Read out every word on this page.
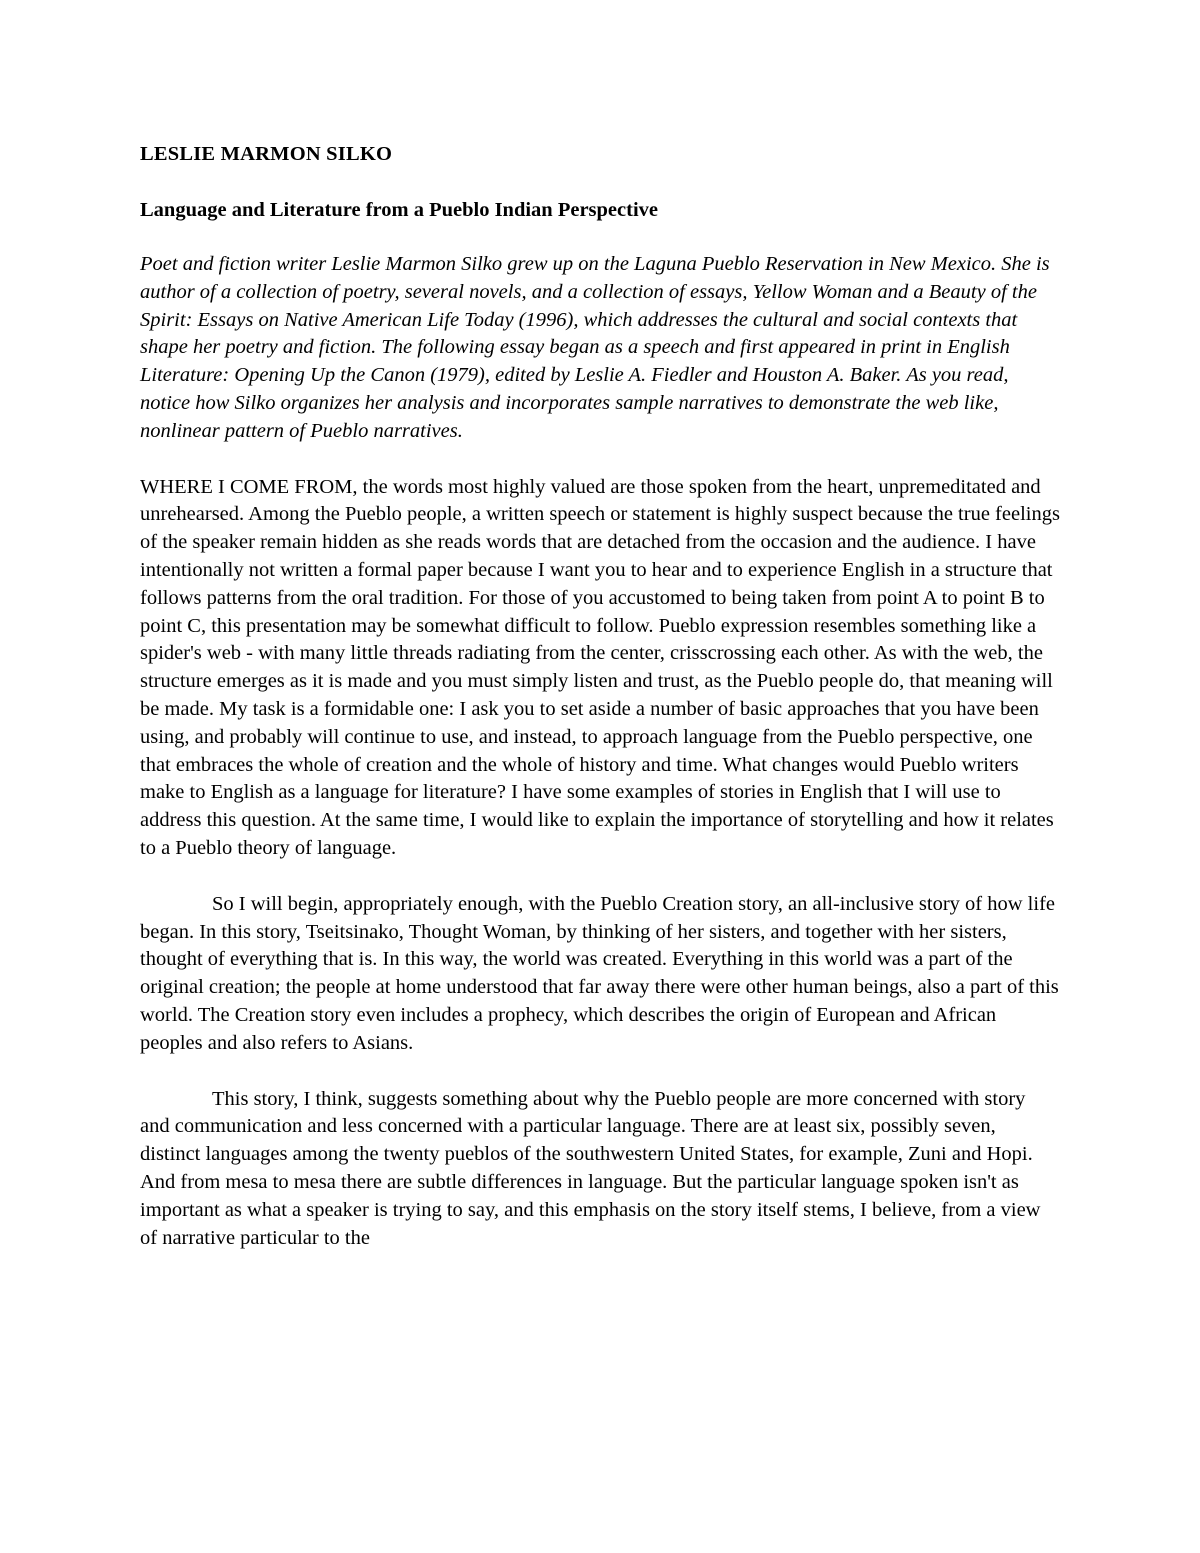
LESLIE MARMON SILKO
Language and Literature from a Pueblo Indian Perspective

Poet and fiction writer Leslie Marmon Silko grew up on the Laguna Pueblo Reservation in New Mexico. She is author of a collection of poetry, several novels, and a collection of essays, Yellow Woman and a Beauty of the Spirit: Essays on Native American Life Today (1996), which addresses the cultural and social contexts that shape her poetry and fiction. The following essay began as a speech and first appeared in print in English Literature: Opening Up the Canon (1979), edited by Leslie A. Fiedler and Houston A. Baker. As you read, notice how Silko organizes her analysis and incorporates sample narratives to demonstrate the web like, nonlinear pattern of Pueblo narratives.

WHERE I COME FROM, the words most highly valued are those spoken from the heart, unpremeditated and unrehearsed. Among the Pueblo people, a written speech or statement is highly suspect because the true feelings of the speaker remain hidden as she reads words that are detached from the occasion and the audience. I have intentionally not written a formal paper because I want you to hear and to experience English in a structure that follows patterns from the oral tradition. For those of you accustomed to being taken from point A to point B to point C, this presentation may be somewhat difficult to follow. Pueblo expression resembles something like a spider's web - with many little threads radiating from the center, crisscrossing each other. As with the web, the structure emerges as it is made and you must simply listen and trust, as the Pueblo people do, that meaning will be made. My task is a formidable one: I ask you to set aside a number of basic approaches that you have been using, and probably will continue to use, and instead, to approach language from the Pueblo perspective, one that embraces the whole of creation and the whole of history and time. What changes would Pueblo writers make to English as a language for literature? I have some examples of stories in English that I will use to address this question. At the same time, I would like to explain the importance of storytelling and how it relates to a Pueblo theory of language.

So I will begin, appropriately enough, with the Pueblo Creation story, an all-inclusive story of how life began. In this story, Tseitsinako, Thought Woman, by thinking of her sisters, and together with her sisters, thought of everything that is. In this way, the world was created. Everything in this world was a part of the original creation; the people at home understood that far away there were other human beings, also a part of this world. The Creation story even includes a prophecy, which describes the origin of European and African peoples and also refers to Asians.

This story, I think, suggests something about why the Pueblo people are more concerned with story and communication and less concerned with a particular language. There are at least six, possibly seven, distinct languages among the twenty pueblos of the southwestern United States, for example, Zuni and Hopi. And from mesa to mesa there are subtle differences in language. But the particular language spoken isn't as important as what a speaker is trying to say, and this emphasis on the story itself stems, I believe, from a view of narrative particular to the
